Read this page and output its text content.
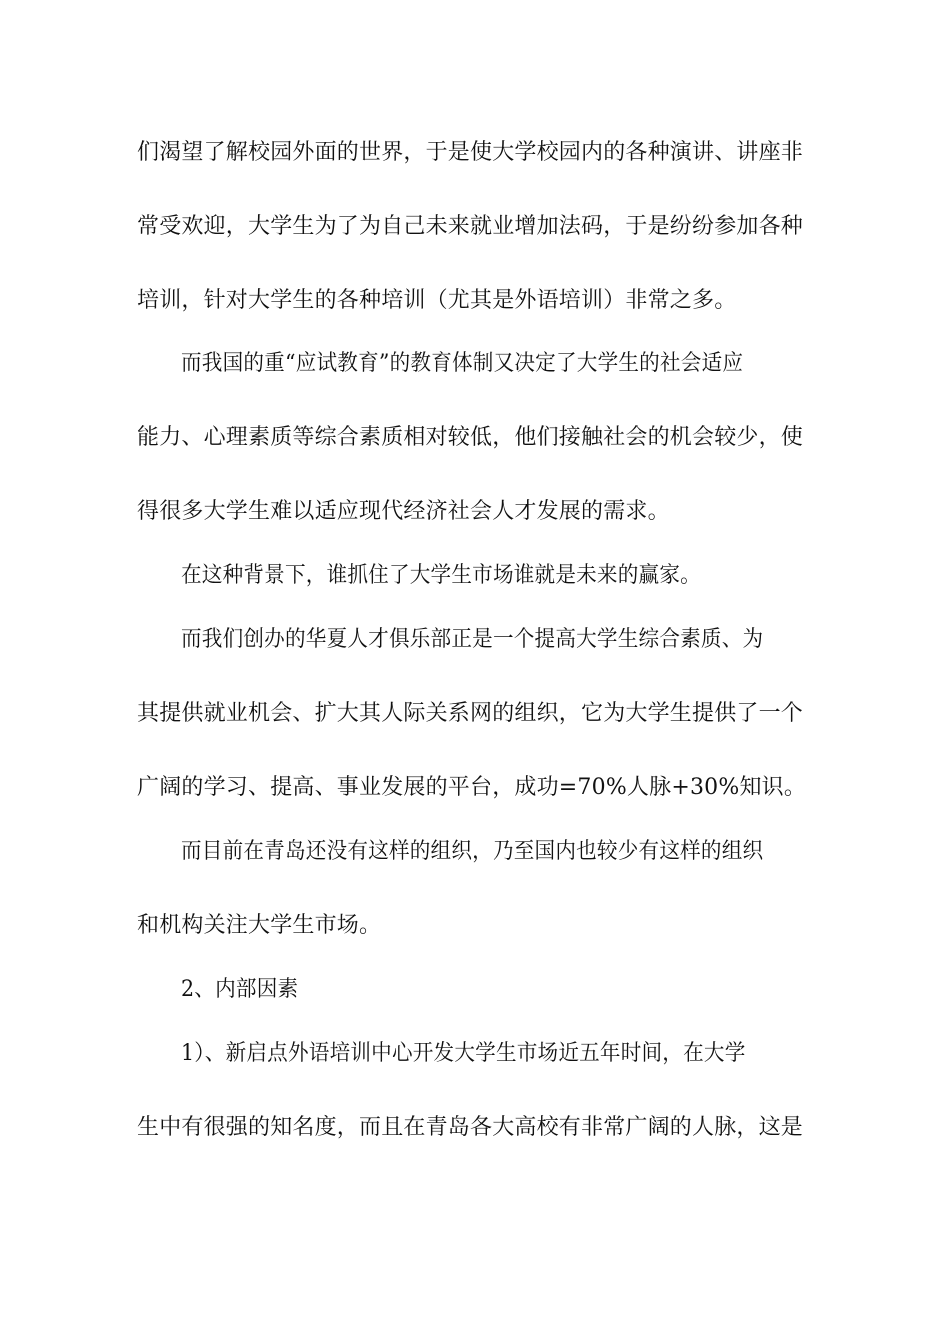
们渴望了解校园外面的世界，于是使大学校园内的各种演讲、讲座非
常受欢迎，大学生为了为自己未来就业增加法码，于是纷纷参加各种
培训，针对大学生的各种培训（尤其是外语培训）非常之多。
而我国的重“应试教育”的教育体制又决定了大学生的社会适应
能力、心理素质等综合素质相对较低，他们接触社会的机会较少，使
得很多大学生难以适应现代经济社会人才发展的需求。
在这种背景下，谁抓住了大学生市场谁就是未来的赢家。
而我们创办的华夏人才俱乐部正是一个提高大学生综合素质、为
其提供就业机会、扩大其人际关系网的组织，它为大学生提供了一个
广阔的学习、提高、事业发展的平台，成功=70%人脉+30%知识。
而目前在青岛还没有这样的组织，乃至国内也较少有这样的组织
和机构关注大学生市场。
2、内部因素
1）、新启点外语培训中心开发大学生市场近五年时间，在大学
生中有很强的知名度，而且在青岛各大高校有非常广阔的人脉，这是
